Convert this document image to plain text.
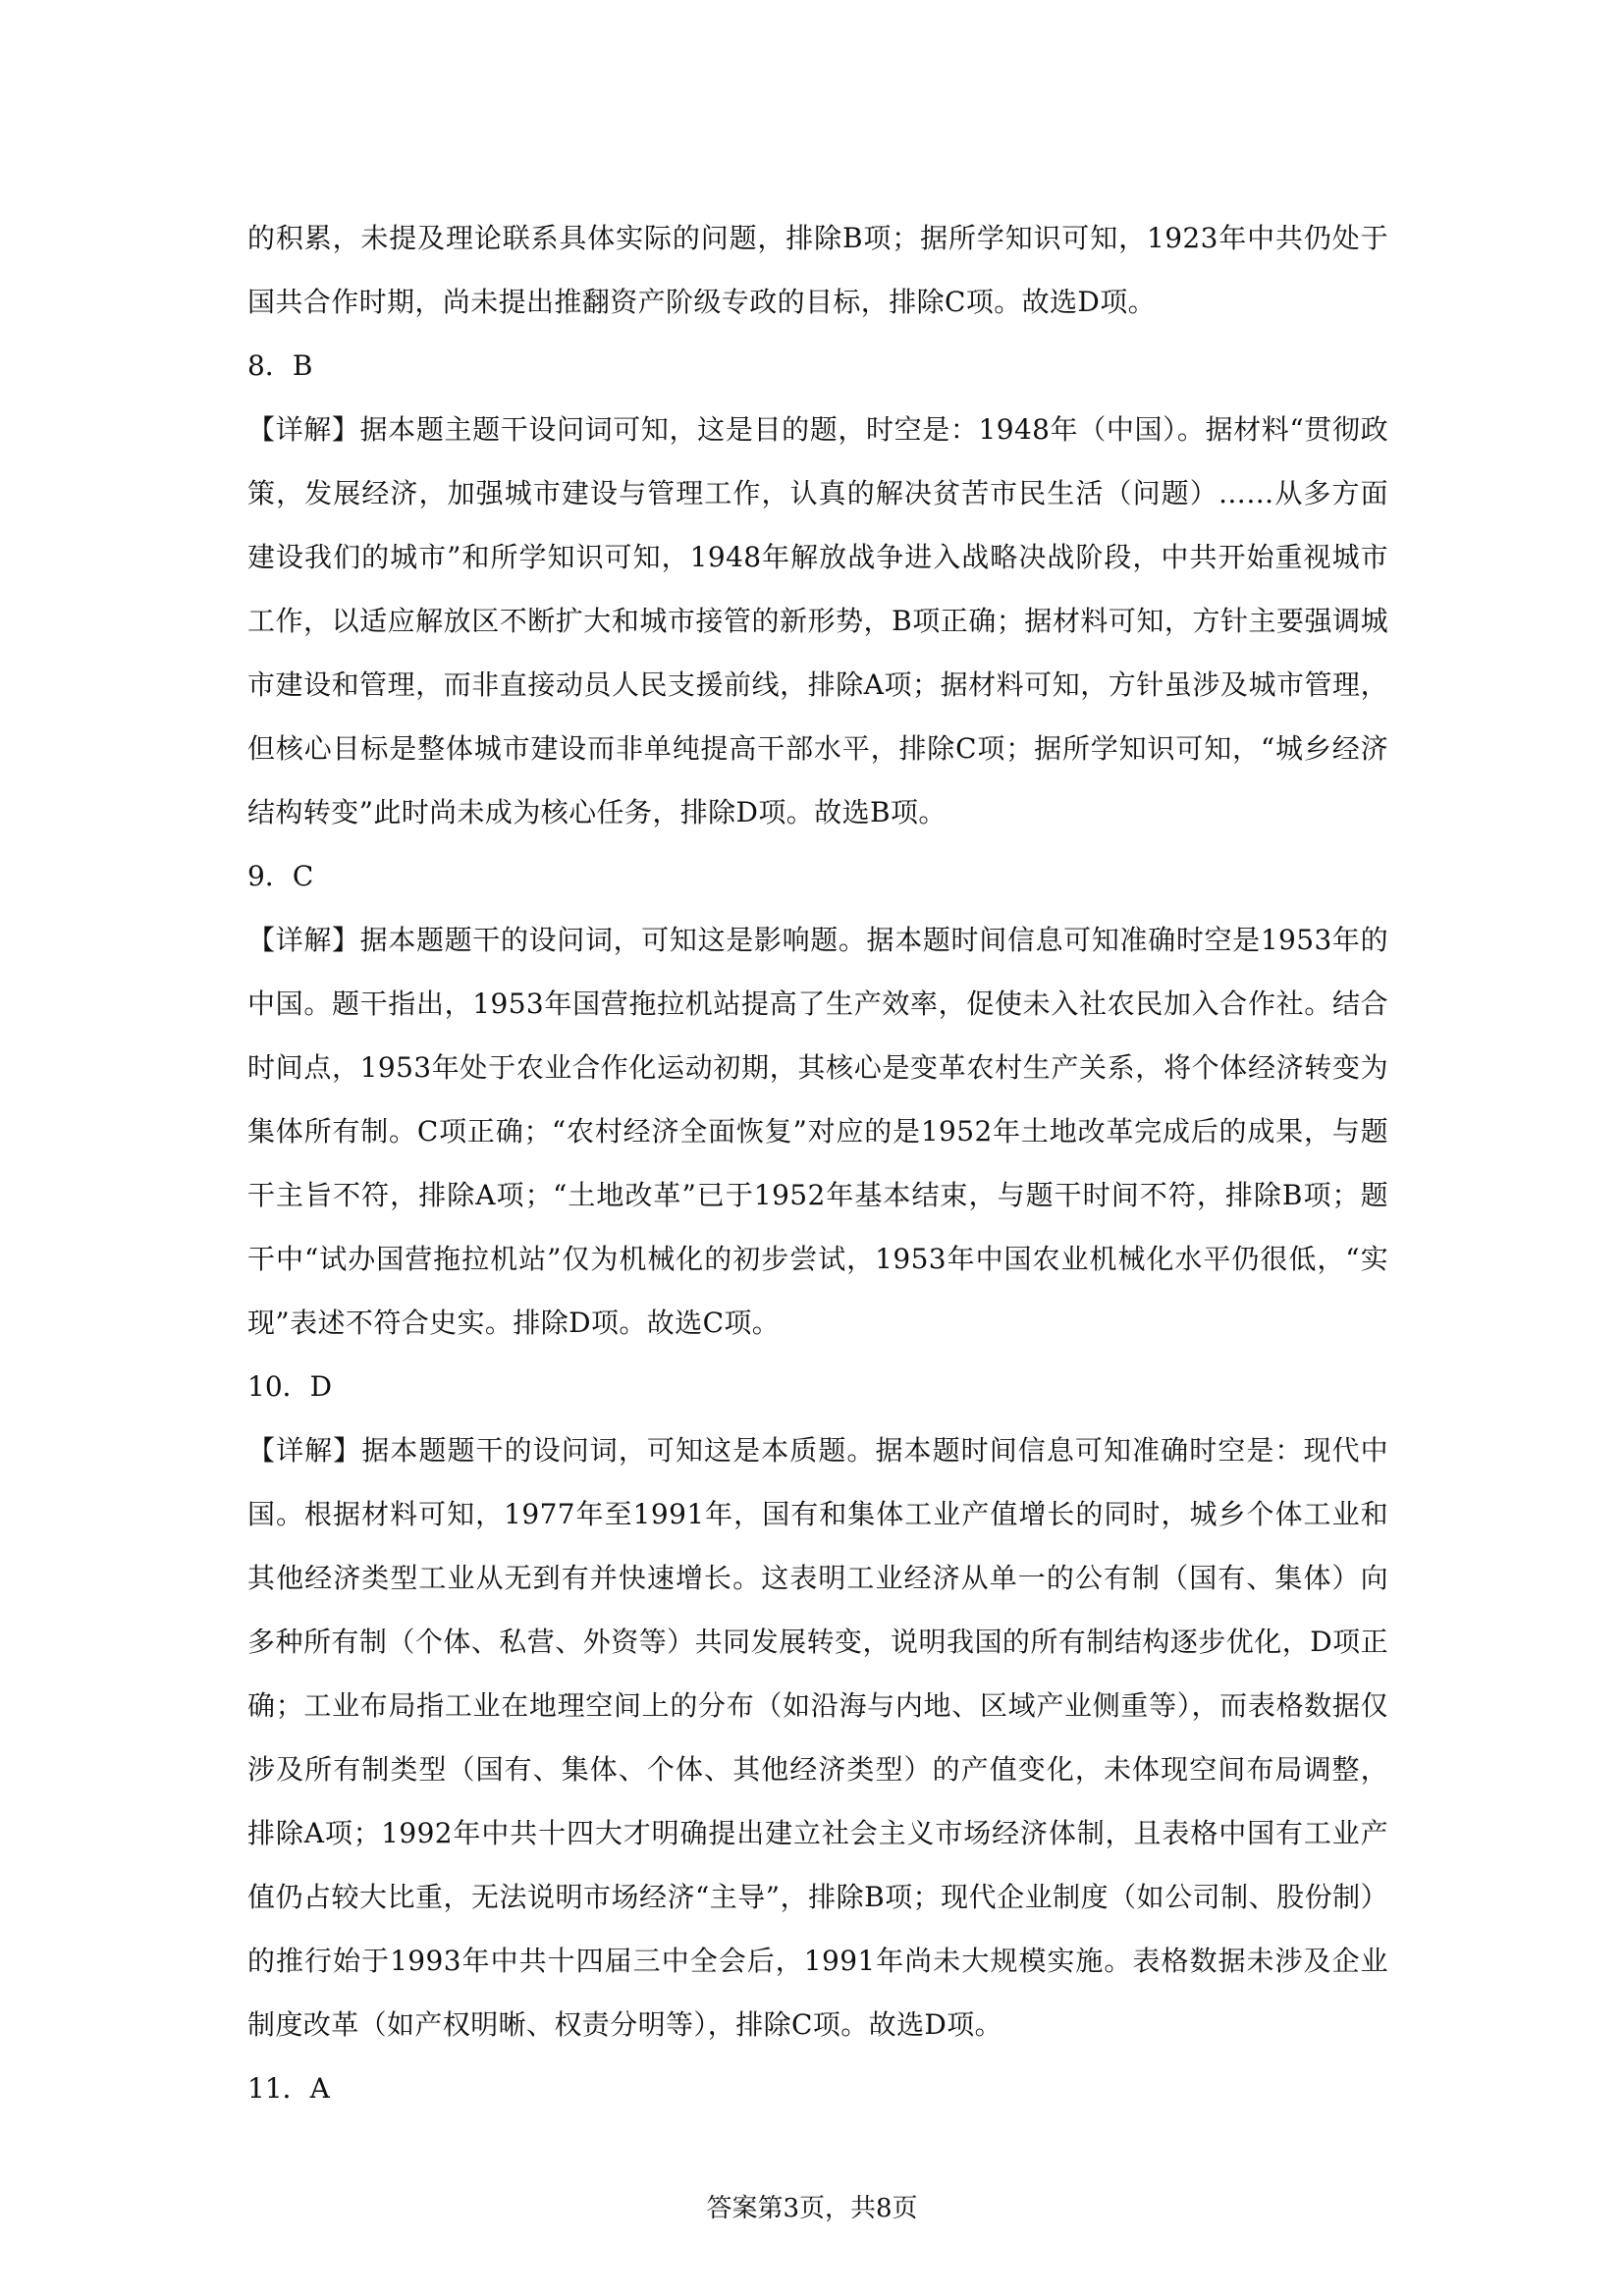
的积累，未提及理论联系具体实际的问题，排除B项；据所学知识可知，1923年中共仍处于国共合作时期，尚未提出推翻资产阶级专政的目标，排除C项。故选D项。

8．B

【详解】据本题主题干设问词可知，这是目的题，时空是：1948年（中国）。据材料“贯彻政策，发展经济，加强城市建设与管理工作，认真的解决贫苦市民生活（问题）……从多方面建设我们的城市”和所学知识可知，1948年解放战争进入战略决战阶段，中共开始重视城市工作，以适应解放区不断扩大和城市接管的新形势，B项正确；据材料可知，方针主要强调城市建设和管理，而非直接动员人民支援前线，排除A项；据材料可知，方针虽涉及城市管理，但核心目标是整体城市建设而非单纯提高干部水平，排除C项；据所学知识可知，“城乡经济结构转变”此时尚未成为核心任务，排除D项。故选B项。

9．C

【详解】据本题题干的设问词，可知这是影响题。据本题时间信息可知准确时空是1953年的中国。题干指出，1953年国营拖拉机站提高了生产效率，促使未入社农民加入合作社。结合时间点，1953年处于农业合作化运动初期，其核心是变革农村生产关系，将个体经济转变为集体所有制。C项正确；“农村经济全面恢复”对应的是1952年土地改革完成后的成果，与题干主旨不符，排除A项；“土地改革”已于1952年基本结束，与题干时间不符，排除B项；题干中“试办国营拖拉机站”仅为机械化的初步尝试，1953年中国农业机械化水平仍很低，“实现”表述不符合史实。排除D项。故选C项。

10．D

【详解】据本题题干的设问词，可知这是本质题。据本题时间信息可知准确时空是：现代中国。根据材料可知，1977年至1991年，国有和集体工业产值增长的同时，城乡个体工业和其他经济类型工业从无到有并快速增长。这表明工业经济从单一的公有制（国有、集体）向多种所有制（个体、私营、外资等）共同发展转变，说明我国的所有制结构逐步优化，D项正确；工业布局指工业在地理空间上的分布（如沿海与内地、区域产业侧重等），而表格数据仅涉及所有制类型（国有、集体、个体、其他经济类型）的产值变化，未体现空间布局调整，排除A项；1992年中共十四大才明确提出建立社会主义市场经济体制，且表格中国有工业产值仍占较大比重，无法说明市场经济“主导”，排除B项；现代企业制度（如公司制、股份制）的推行始于1993年中共十四届三中全会后，1991年尚未大规模实施。表格数据未涉及企业制度改革（如产权明晰、权责分明等），排除C项。故选D项。

11．A

答案第3页，共8页
